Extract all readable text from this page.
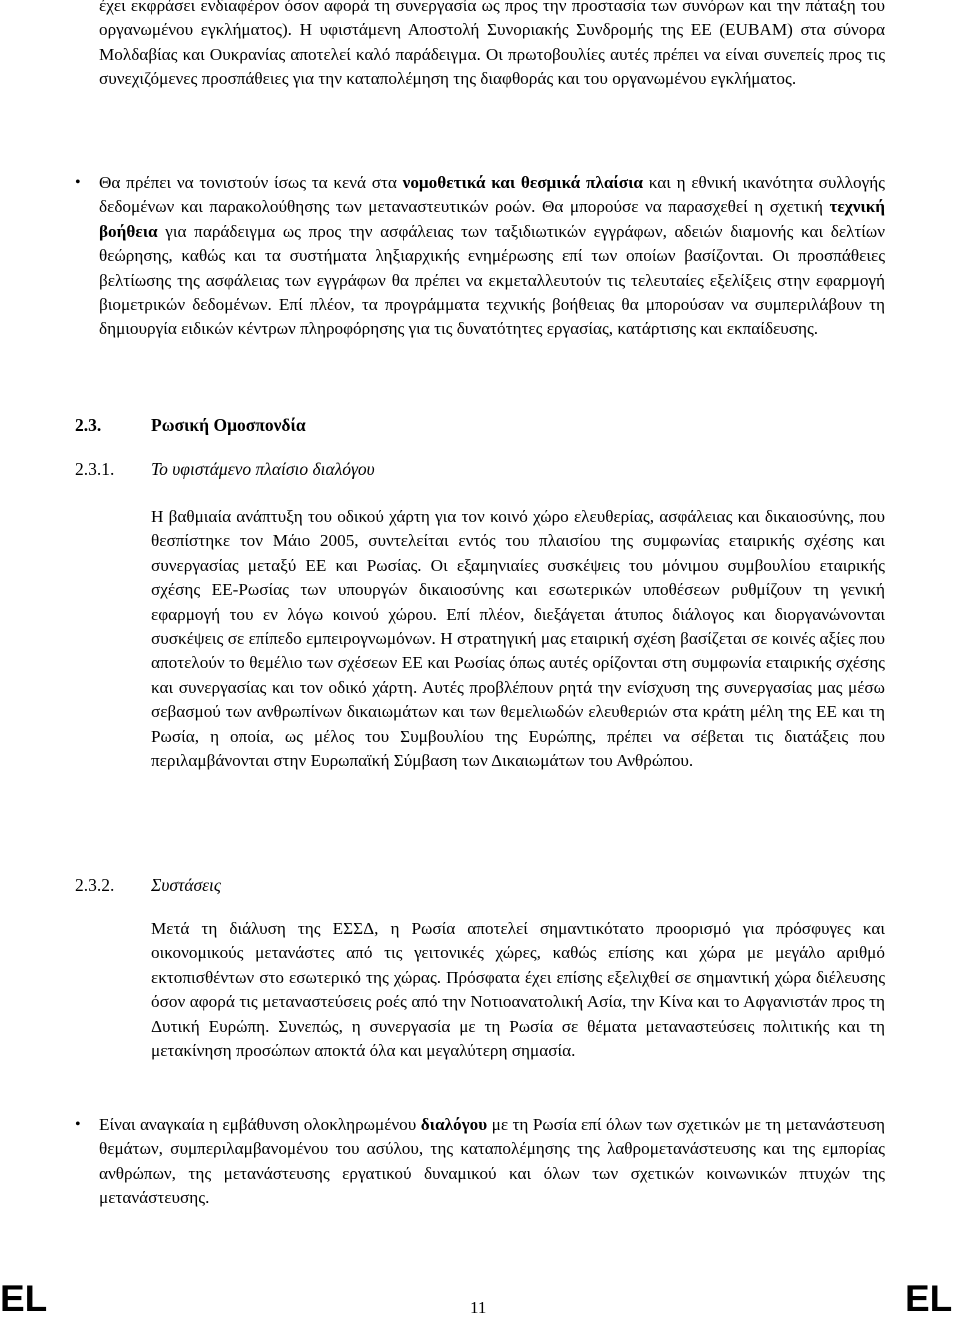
έχει εκφράσει ενδιαφέρον όσον αφορά τη συνεργασία ως προς την προστασία των συνόρων και την πάταξη του οργανωμένου εγκλήματος). Η υφιστάμενη Αποστολή Συνοριακής Συνδρομής της ΕΕ (EUBAM) στα σύνορα Μολδαβίας και Ουκρανίας αποτελεί καλό παράδειγμα. Οι πρωτοβουλίες αυτές πρέπει να είναι συνεπείς προς τις συνεχιζόμενες προσπάθειες για την καταπολέμηση της διαφθοράς και του οργανωμένου εγκλήματος.

• Θα πρέπει να τονιστούν ίσως τα κενά στα νομοθετικά και θεσμικά πλαίσια και η εθνική ικανότητα συλλογής δεδομένων και παρακολούθησης των μεταναστευτικών ροών. Θα μπορούσε να παρασχεθεί η σχετική τεχνική βοήθεια για παράδειγμα ως προς την ασφάλειας των ταξιδιωτικών εγγράφων, αδειών διαμονής και δελτίων θεώρησης, καθώς και τα συστήματα ληξιαρχικής ενημέρωσης επί των οποίων βασίζονται. Οι προσπάθειες βελτίωσης της ασφάλειας των εγγράφων θα πρέπει να εκμεταλλευτούν τις τελευταίες εξελίξεις στην εφαρμογή βιομετρικών δεδομένων. Επί πλέον, τα προγράμματα τεχνικής βοήθειας θα μπορούσαν να συμπεριλάβουν τη δημιουργία ειδικών κέντρων πληροφόρησης για τις δυνατότητες εργασίας, κατάρτισης και εκπαίδευσης.

2.3.	Ρωσική Ομοσπονδία
2.3.1. Το υφιστάμενο πλαίσιο διαλόγου

Η βαθμιαία ανάπτυξη του οδικού χάρτη για τον κοινό χώρο ελευθερίας, ασφάλειας και δικαιοσύνης, που θεσπίστηκε τον Μάιο 2005, συντελείται εντός του πλαισίου της συμφωνίας εταιρικής σχέσης και συνεργασίας μεταξύ ΕΕ και Ρωσίας. Οι εξαμηνιαίες συσκέψεις του μόνιμου συμβουλίου εταιρικής σχέσης ΕΕ-Ρωσίας των υπουργών δικαιοσύνης και εσωτερικών υποθέσεων ρυθμίζουν τη γενική εφαρμογή του εν λόγω κοινού χώρου. Επί πλέον, διεξάγεται άτυπος διάλογος και διοργανώνονται συσκέψεις σε επίπεδο εμπειρογνωμόνων. Η στρατηγική μας εταιρική σχέση βασίζεται σε κοινές αξίες που αποτελούν το θεμέλιο των σχέσεων ΕΕ και Ρωσίας όπως αυτές ορίζονται στη συμφωνία εταιρικής σχέσης και συνεργασίας και τον οδικό χάρτη. Αυτές προβλέπουν ρητά την ενίσχυση της συνεργασίας μας μέσω σεβασμού των ανθρωπίνων δικαιωμάτων και των θεμελιωδών ελευθεριών στα κράτη μέλη της ΕΕ και τη Ρωσία, η οποία, ως μέλος του Συμβουλίου της Ευρώπης, πρέπει να σέβεται τις διατάξεις που περιλαμβάνονται στην Ευρωπαϊκή Σύμβαση των Δικαιωμάτων του Ανθρώπου.

2.3.2. Συστάσεις

Μετά τη διάλυση της ΕΣΣΔ, η Ρωσία αποτελεί σημαντικότατο προορισμό για πρόσφυγες και οικονομικούς μετανάστες από τις γειτονικές χώρες, καθώς επίσης και χώρα με μεγάλο αριθμό εκτοπισθέντων στο εσωτερικό της χώρας. Πρόσφατα έχει επίσης εξελιχθεί σε σημαντική χώρα διέλευσης όσον αφορά τις μεταναστεύσεις ροές από την Νοτιοανατολική Ασία, την Κίνα και το Αφγανιστάν προς τη Δυτική Ευρώπη. Συνεπώς, η συνεργασία με τη Ρωσία σε θέματα μεταναστεύσεις πολιτικής και τη μετακίνηση προσώπων αποκτά όλα και μεγαλύτερη σημασία.

• Είναι αναγκαία η εμβάθυνση ολοκληρωμένου διαλόγου με τη Ρωσία επί όλων των σχετικών με τη μετανάστευση θεμάτων, συμπεριλαμβανομένου του ασύλου, της καταπολέμησης της λαθρομετανάστευσης και της εμπορίας ανθρώπων, της μετανάστευσης εργατικού δυναμικού και όλων των σχετικών κοινωνικών πτυχών της μετανάστευσης.

EL	11	EL
